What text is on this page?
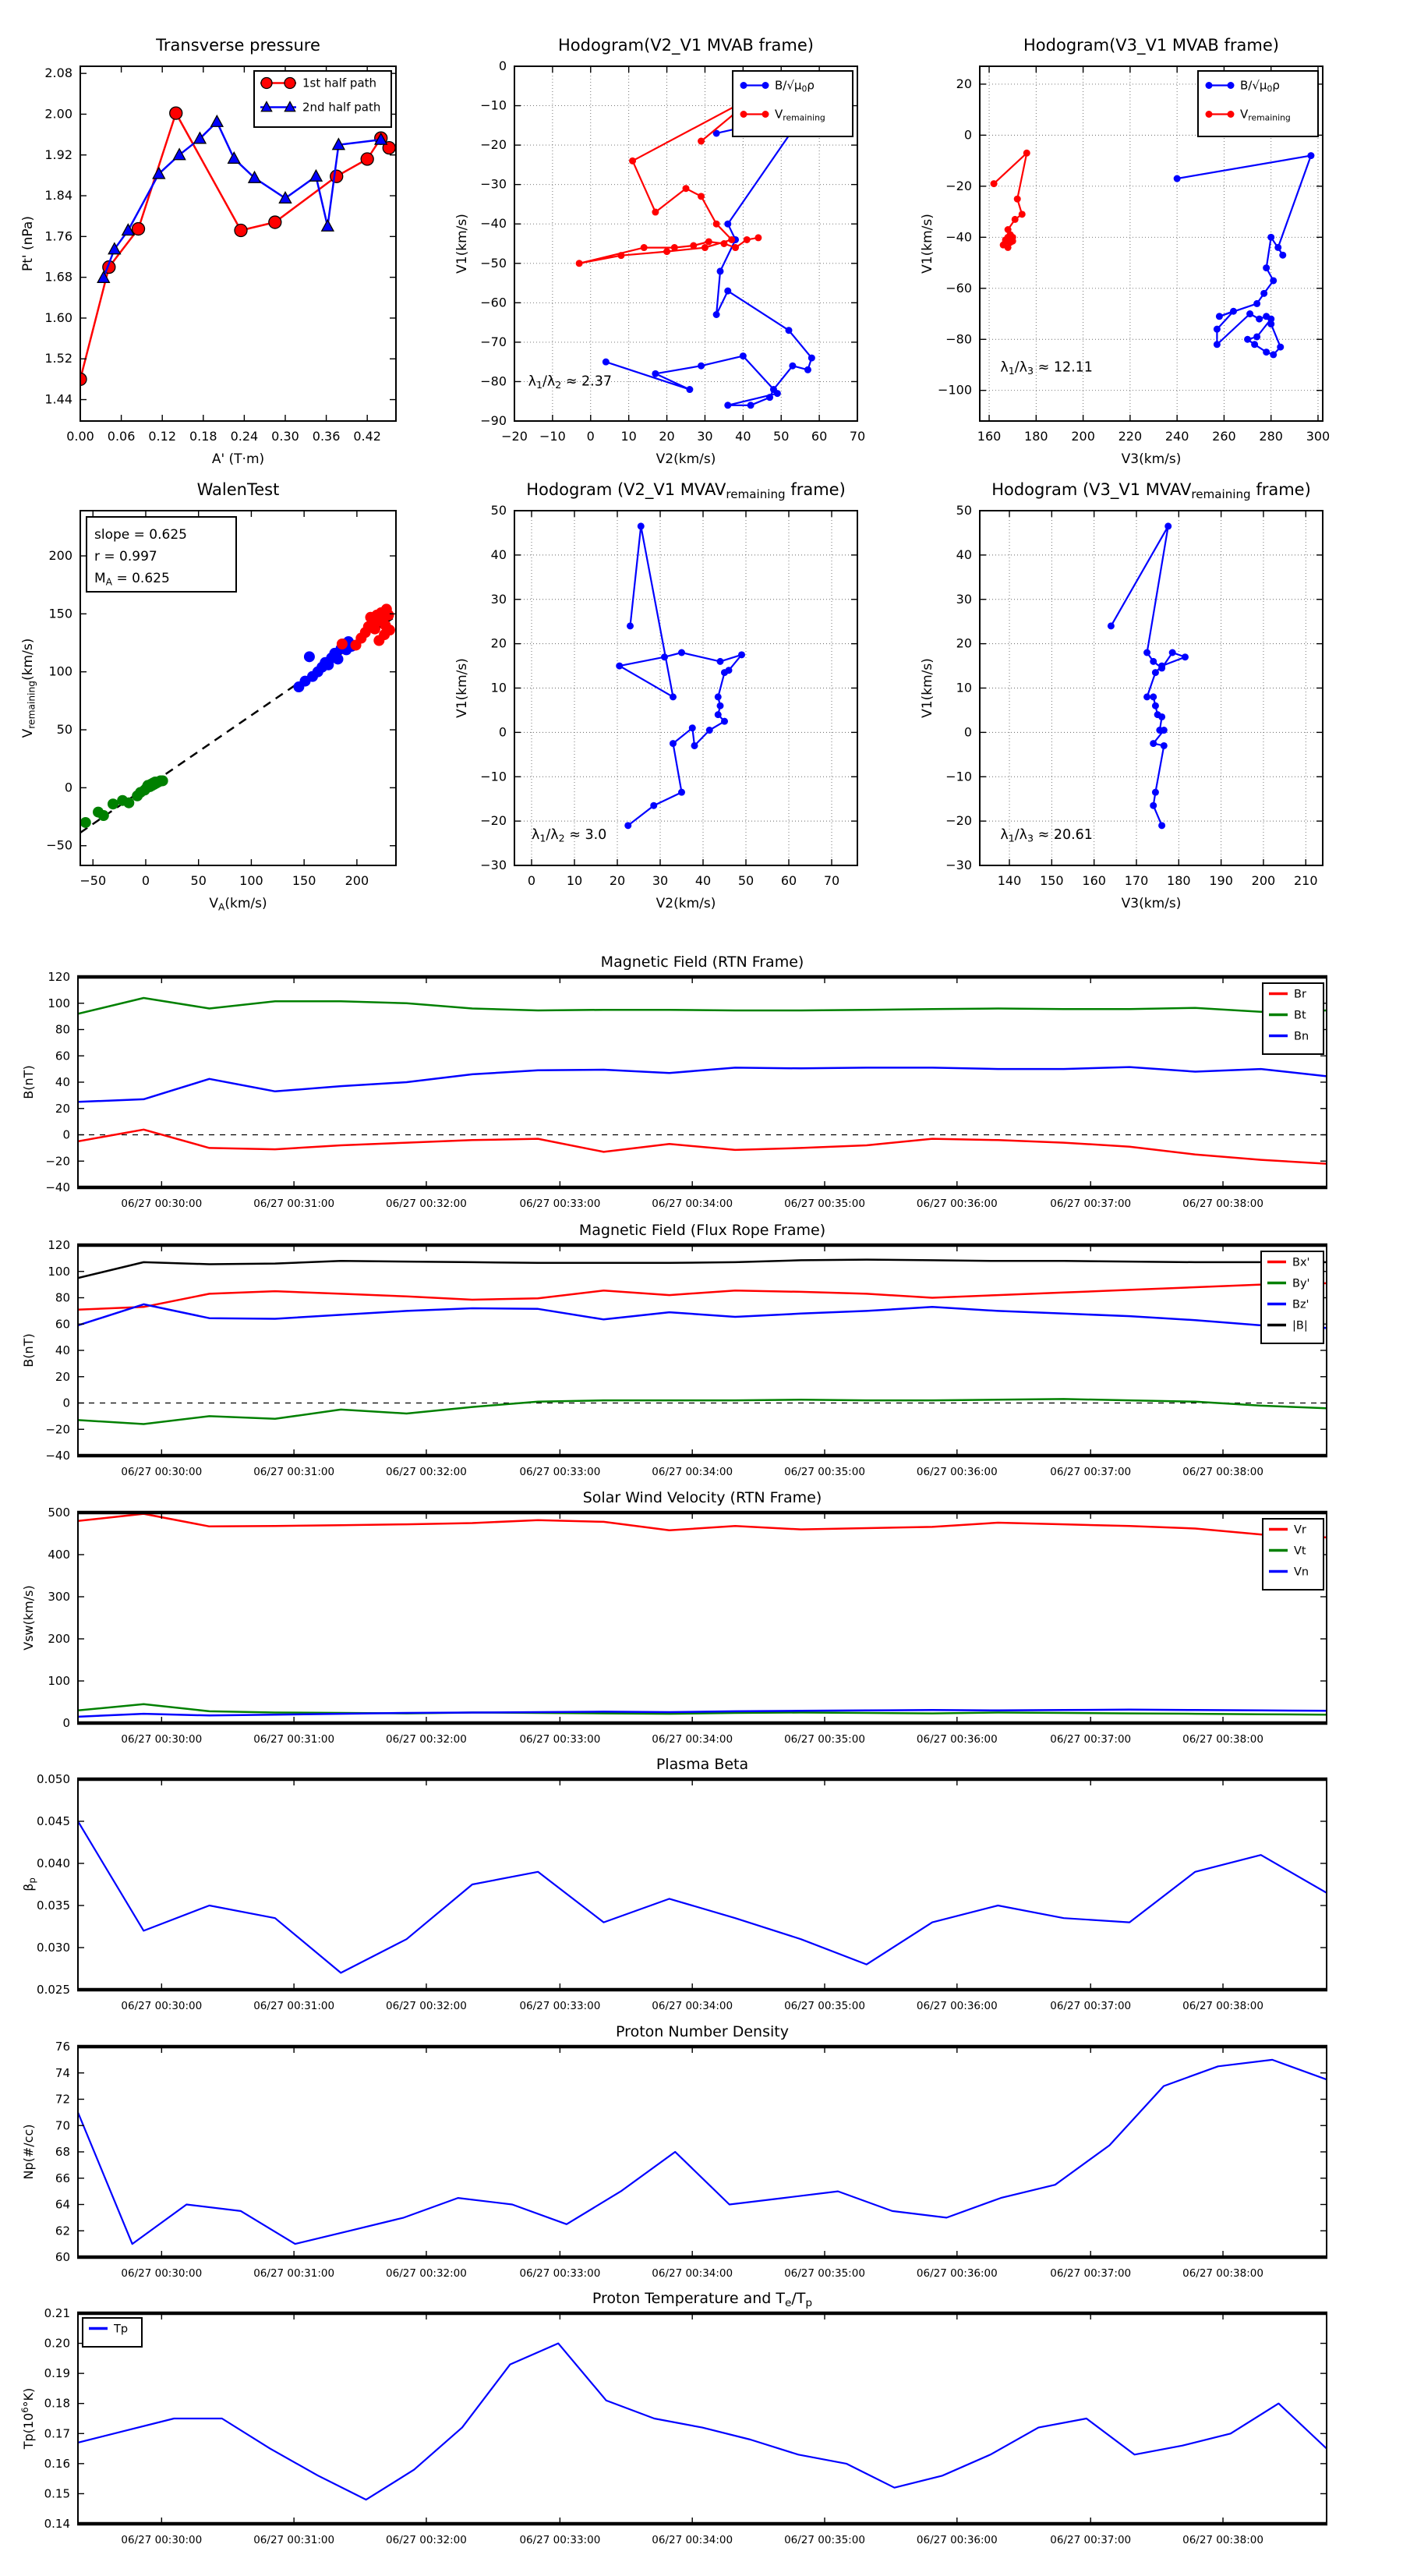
0.00 0.06 0.12 0.18 0.24 0.30 0.36 0.42
1.44
1.52
1.60
1.68
1.76
1.84
1.92
2.00
2.08
Transverse pressure
A' (T·m)
Pt' (nPa)
1st half path
2nd half path
−20 −10 0 10 20 30 40 50 60 70
−90
−80
−70
−60
−50
−40
−30
−20
−10
0
Hodogram(V2_V1 MVAB frame)
V2(km/s)
V1(km/s)
$\lambda_1/\lambda_2 \approx 2.37$
$B/√\mu_0\rho$
$V_{remaining}$
160 180 200 220 240 260 280 300
−100
−80
−60
−40
−20
0
20
Hodogram(V3_V1 MVAB frame)
V3(km/s)
V1(km/s)
$\lambda_1/\lambda_3 \approx 12.11$
$B/√\mu_0\rho$
$V_{remaining}$
−50	0	50	100 150 200
−50
0
50
100
150
200
WalenTest
$V_A(km/s)$
$V_{remaining}(km/s)$
slope = 0.625
r = 0.997
$M_A = 0.625$
0 10 20 30 40 50 60 70
−30
−20
−10
0
10
20
30
40
50
Hodogram (V2_V1 $MVAV_{remaining}$ frame)
V2(km/s)
V1(km/s)
$\lambda_1/\lambda_2 \approx 3.0$
140 150 160 170 180 190 200 210
−30
−20
−10
0
10
20
30
40
50
Hodogram (V3_V1 $MVAV_{remaining}$ frame)
V3(km/s)
V1(km/s)
$\lambda_1/\lambda_3 \approx 20.61$
06/27 00:30:00	06/27 00:31:00	06/27 00:32:00	06/27 00:33:00	06/27 00:34:00	06/27 00:35:00	06/27 00:36:00	06/27 00:37:00	06/27 00:38:00
−40
−20
0
20
40
60
80
100
120
Magnetic Field (RTN Frame)
B(nT)
Br
Bt
Bn
06/27 00:30:00	06/27 00:31:00	06/27 00:32:00	06/27 00:33:00	06/27 00:34:00	06/27 00:35:00	06/27 00:36:00	06/27 00:37:00	06/27 00:38:00
−40
−20
0
20
40
60
80
100
120
Magnetic Field (Flux Rope Frame)
B(nT)
Bx'
By'
Bz'
|B|
06/27 00:30:00	06/27 00:31:00	06/27 00:32:00	06/27 00:33:00	06/27 00:34:00	06/27 00:35:00	06/27 00:36:00	06/27 00:37:00	06/27 00:38:00
0
100
200
300
400
500
Solar Wind Velocity (RTN Frame)
Vsw(km/s)
Vr
Vt
Vn
06/27 00:30:00	06/27 00:31:00	06/27 00:32:00	06/27 00:33:00	06/27 00:34:00	06/27 00:35:00	06/27 00:36:00	06/27 00:37:00	06/27 00:38:00
0.025
0.030
0.035
0.040
0.045
0.050
Plasma Beta
$\beta_p$
06/27 00:30:00	06/27 00:31:00	06/27 00:32:00	06/27 00:33:00	06/27 00:34:00	06/27 00:35:00	06/27 00:36:00	06/27 00:37:00	06/27 00:38:00
60
62
64
66
68
70
72
74
76
Proton Number Density
Np(#/cc)
06/27 00:30:00	06/27 00:31:00	06/27 00:32:00	06/27 00:33:00	06/27 00:34:00	06/27 00:35:00	06/27 00:36:00	06/27 00:37:00	06/27 00:38:00
0.14
0.15
0.16
0.17
0.18
0.19
0.20
0.21
Proton Temperature and $T_e/T_p$
$Tp(10^6^\circ K)$
Tp
